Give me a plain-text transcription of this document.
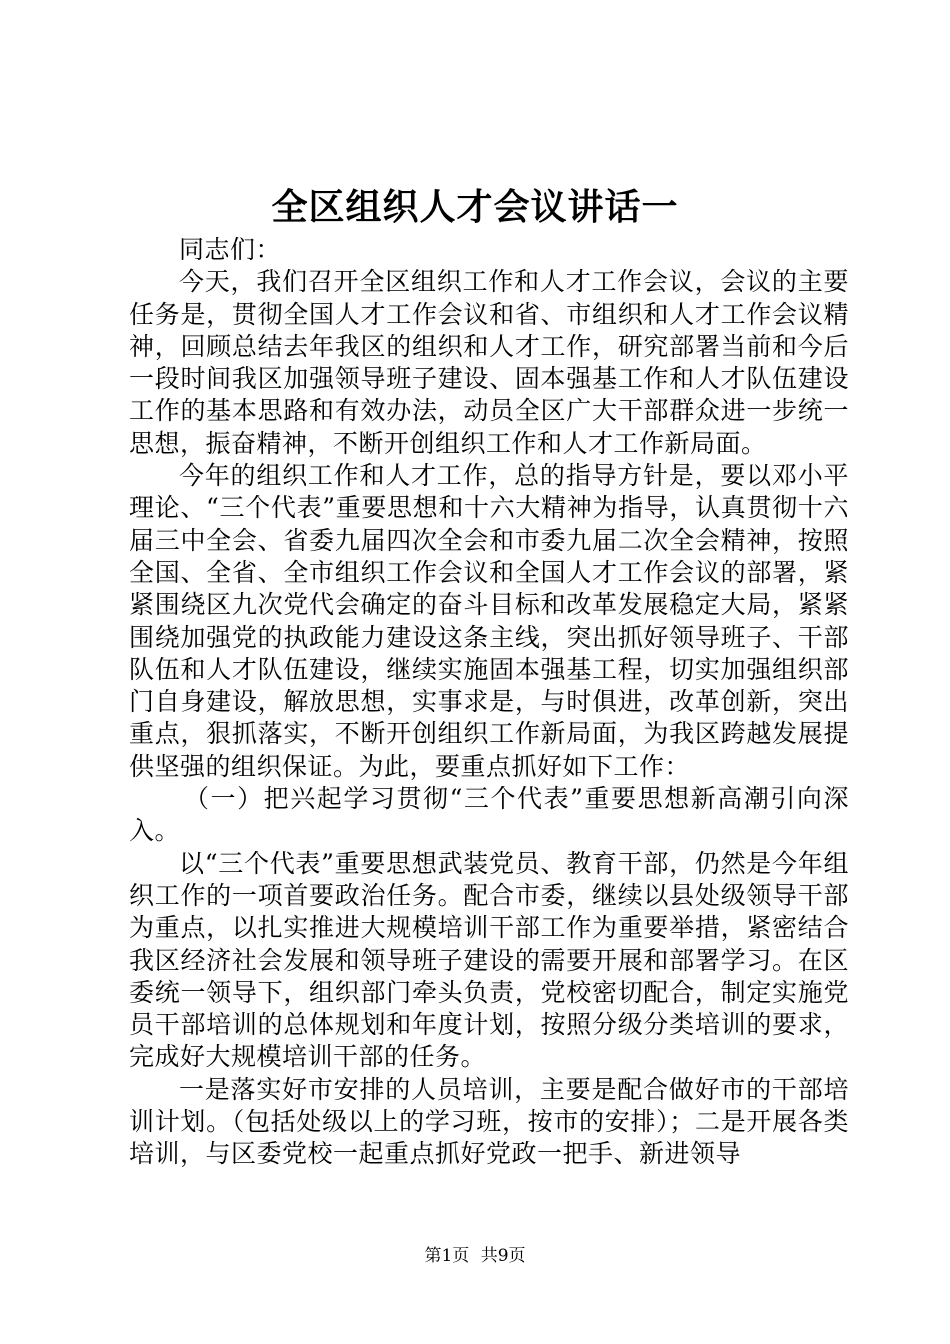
全区组织人才会议讲话一

同志们：

今天，我们召开全区组织工作和人才工作会议，会议的主要任务是，贯彻全国人才工作会议和省、市组织和人才工作会议精神，回顾总结去年我区的组织和人才工作，研究部署当前和今后一段时间我区加强领导班子建设、固本强基工作和人才队伍建设工作的基本思路和有效办法，动员全区广大干部群众进一步统一思想，振奋精神，不断开创组织工作和人才工作新局面。

今年的组织工作和人才工作，总的指导方针是，要以邓小平理论、“三个代表”重要思想和十六大精神为指导，认真贯彻十六届三中全会、省委九届四次全会和市委九届二次全会精神，按照全国、全省、全市组织工作会议和全国人才工作会议的部署，紧紧围绕区九次党代会确定的奋斗目标和改革发展稳定大局，紧紧围绕加强党的执政能力建设这条主线，突出抓好领导班子、干部队伍和人才队伍建设，继续实施固本强基工程，切实加强组织部门自身建设，解放思想，实事求是，与时俱进，改革创新，突出重点，狠抓落实，不断开创组织工作新局面，为我区跨越发展提供坚强的组织保证。为此，要重点抓好如下工作：

（一）把兴起学习贯彻“三个代表”重要思想新高潮引向深入。

以“三个代表”重要思想武装党员、教育干部，仍然是今年组织工作的一项首要政治任务。配合市委，继续以县处级领导干部为重点，以扎实推进大规模培训干部工作为重要举措，紧密结合我区经济社会发展和领导班子建设的需要开展和部署学习。在区委统一领导下，组织部门牵头负责，党校密切配合，制定实施党员干部培训的总体规划和年度计划，按照分级分类培训的要求，完成好大规模培训干部的任务。

一是落实好市安排的人员培训，主要是配合做好市的干部培训计划。（包括处级以上的学习班，按市的安排）；二是开展各类培训，与区委党校一起重点抓好党政一把手、新进领导

第1页 共9页
